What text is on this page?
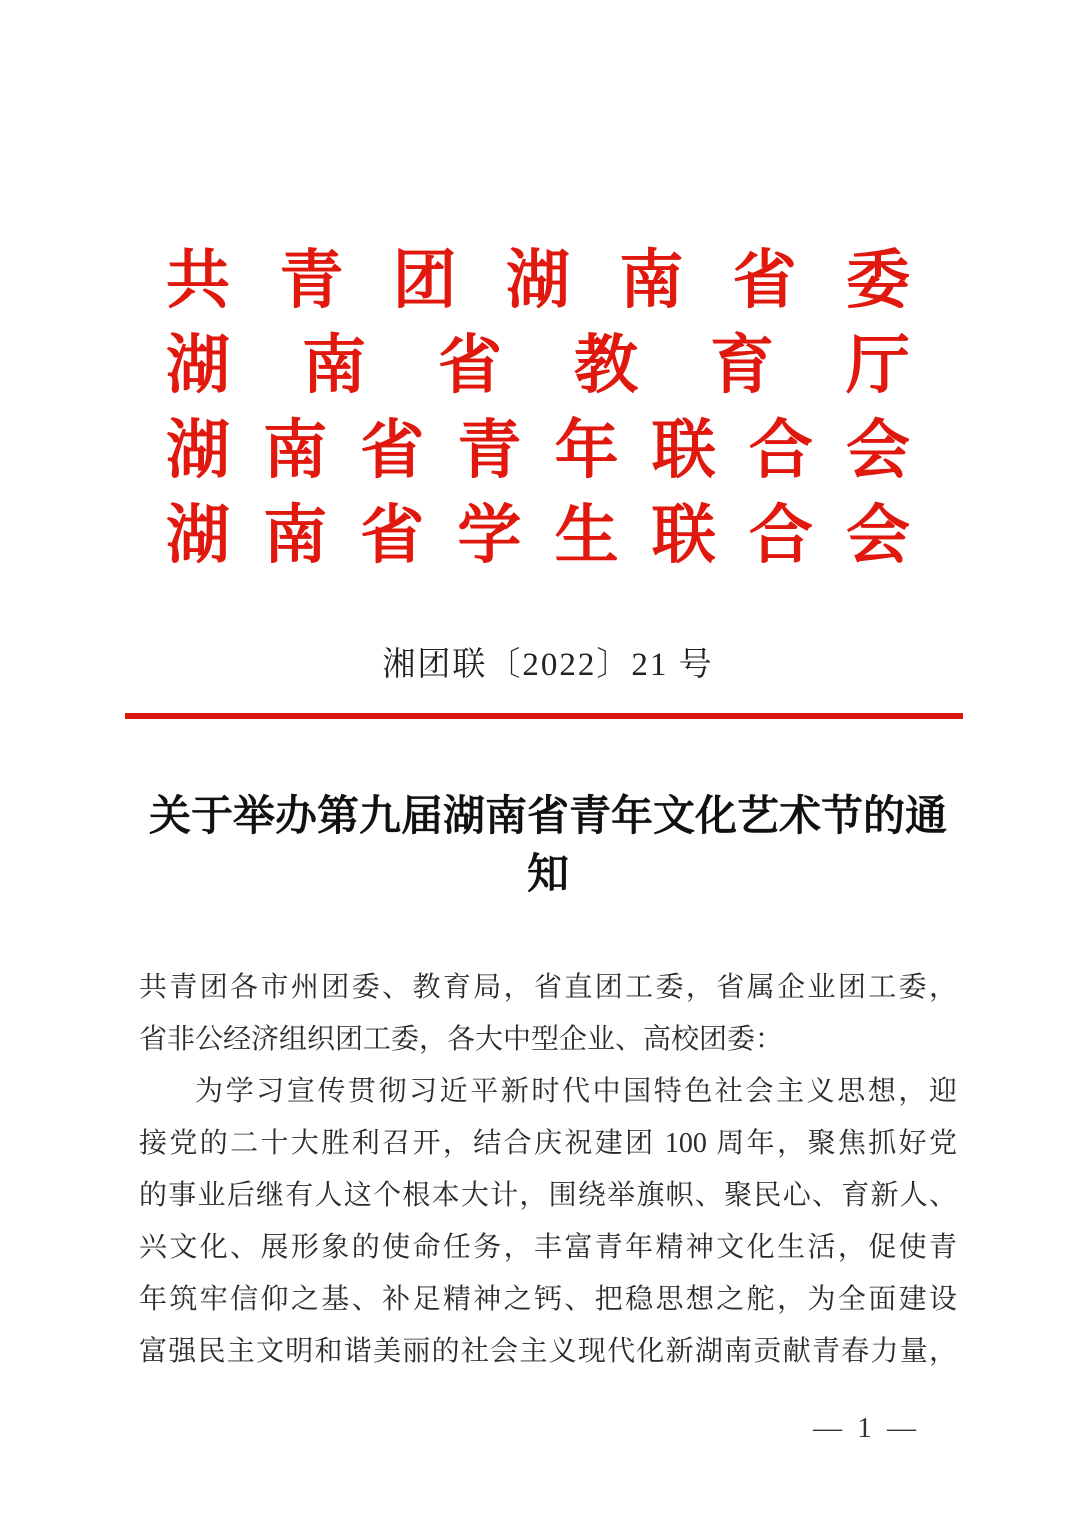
共 青 团 湖 南 省 委
湖 南 省 教 育 厅
湖 南 省 青 年 联 合 会
湖 南 省 学 生 联 合 会
湘团联〔2022〕21 号
关于举办第九届湖南省青年文化艺术节的通知
共青团各市州团委、教育局，省直团工委，省属企业团工委，
省非公经济组织团工委，各大中型企业、高校团委：
为学习宣传贯彻习近平新时代中国特色社会主义思想，迎
接党的二十大胜利召开，结合庆祝建团 100 周年，聚焦抓好党
的事业后继有人这个根本大计，围绕举旗帜、聚民心、育新人、
兴文化、展形象的使命任务，丰富青年精神文化生活，促使青
年筑牢信仰之基、补足精神之钙、把稳思想之舵，为全面建设
富强民主文明和谐美丽的社会主义现代化新湖南贡献青春力量，
— 1 —
